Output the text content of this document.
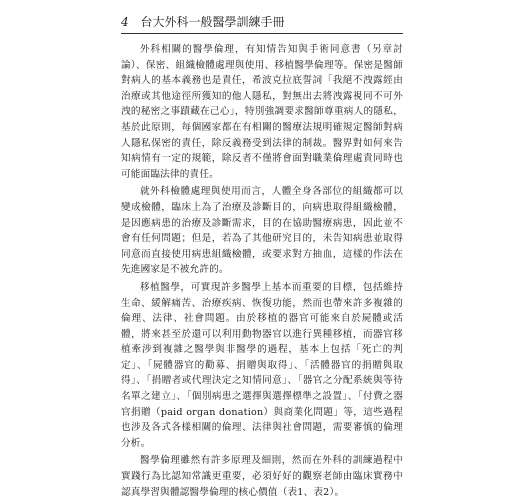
4 台大外科一般醫學訓練手冊

外科相關的醫學倫理，有知情告知與手術同意書（另章討論）、保密、組織檢體處理與使用、移植醫學倫理等。保密是醫師對病人的基本義務也是責任，希波克拉底誓詞「我絕不洩露經由治療或其他途徑所獲知的他人隱私，對無出去將洩露視同不可外洩的秘密之事蹟藏在己心」，特別強調要求醫師尊重病人的隱私，基於此原則，每個國家都在有相關的醫療法規明確規定醫師對病人隱私保密的責任，除反義務受到法律的制裁。醫界對如何來告知病情有一定的規範，除反者不僅將會面對職業倫理處責同時也可能面臨法律的責任。

就外科檢體處理與使用而言，人體全身各部位的組織都可以變成檢體，臨床上為了治療及診斷目的，向病患取得組織檢體，是因應病患的治療及診斷需求，目的在協助醫療病患，因此並不會有任何問題；但是，若為了其他研究目的，未告知病患並取得同意而直接使用病患組織檢體，或要求對方抽血，這樣的作法在先進國家是不被允許的。

移植醫學，可實現許多醫學上基本而重要的目標，包括維持生命、緩解痛苦、治療疾病、恢復功能，然而也帶來許多複雜的倫理、法律、社會問題。由於移植的器官可能來自於屍體或活體，將來甚至於還可以利用動物器官以進行異種移植，而器官移植牽涉到複雜之醫學與非醫學的過程，基本上包括「死亡的判定」、「屍體器官的勸募、捐贈與取得」、「活體器官的捐贈與取得」、「捐贈者或代理決定之知情同意」、「器官之分配系統與等待名單之建立」、「個別病患之選擇與選擇標準之設置」、「付費之器官捐贈（paid organ donation）與商業化問題」等，這些過程也涉及各式各樣相關的倫理、法律與社會問題，需要審慎的倫理分析。

醫學倫理雖然有許多原理及細則，然而在外科的訓練過程中實踐行為比認知常識更重要，必須好好的觀察老師由臨床實務中認真學習與體認醫學倫理的核心價值（表1、表2）。
